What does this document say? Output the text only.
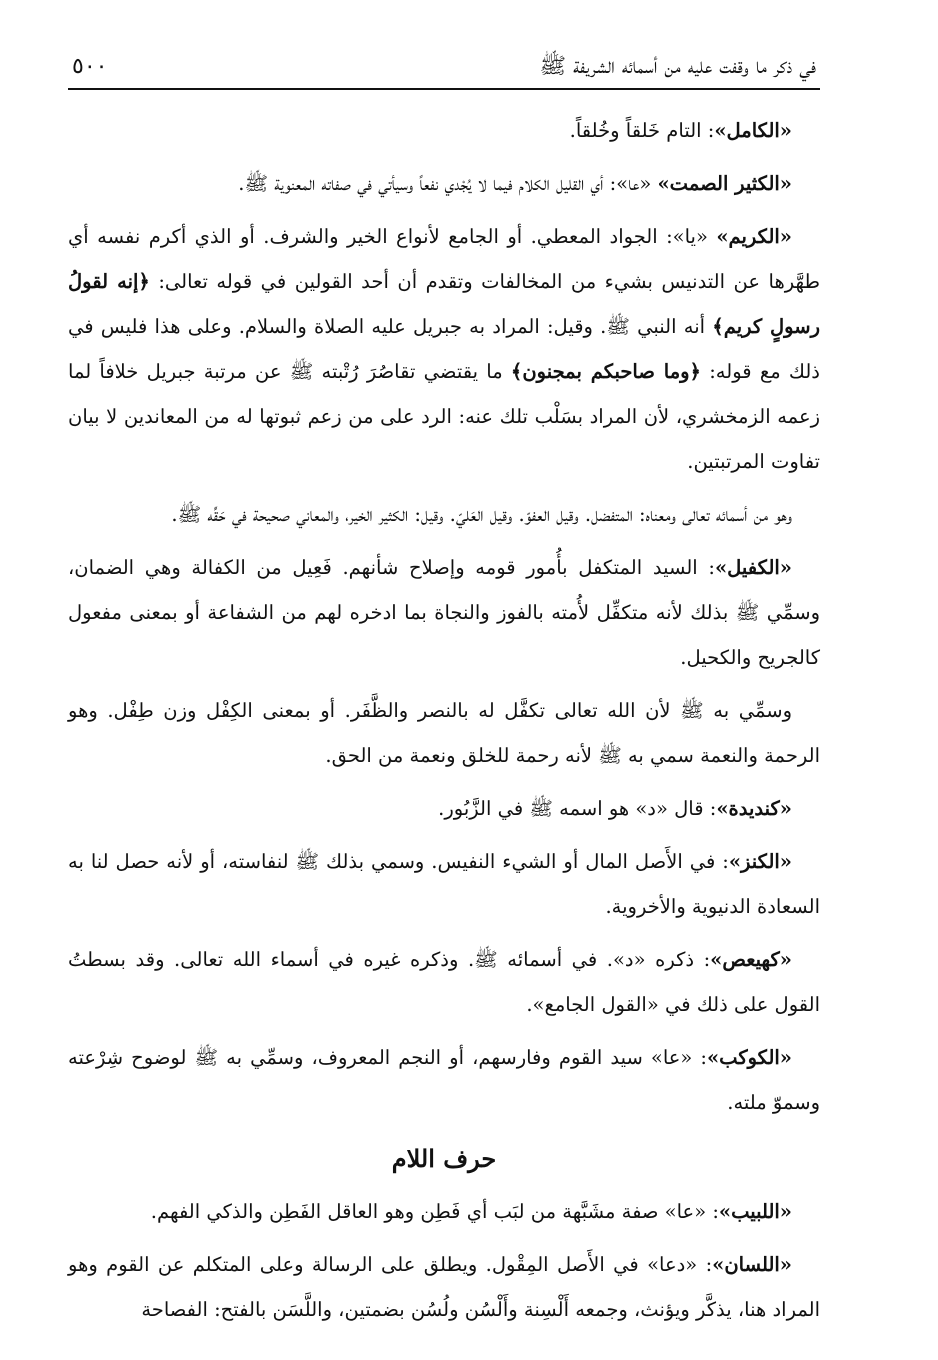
٥٠٠	في ذكر ما وقفت عليه من أسمائه الشريفة ﷺ

«الكامل»: التام خَلقاً وخُلقاً.

«الكثير الصمت» «عا»: أي القليل الكلام فيما لا يُجْدي نفعاً وسيأتي في صفاته المعنوية ﷺ.

«الكريم» «يا»: الجواد المعطي. أو الجامع لأنواع الخير والشرف. أو الذي أكرم نفسه أي طهَّرها عن التدنيس بشيء من المخالفات وتقدم أن أحد القولين في قوله تعالى: ﴿إنه لقولُ رسولٍ كريم﴾ أنه النبي ﷺ. وقيل: المراد به جبريل عليه الصلاة والسلام. وعلى هذا فليس في ذلك مع قوله: ﴿وما صاحبكم بمجنون﴾ ما يقتضي تقاصُرَ رُتْبته ﷺ عن مرتبة جبريل خلافاً لما زعمه الزمخشري، لأن المراد بسَلْب تلك عنه: الرد على من زعم ثبوتها له من المعاندين لا بيان تفاوت المرتبتين.

وهو من أسمائه تعالى ومعناه: المتفضل. وقيل العفوّ. وقيل العَليّ. وقيل: الكثير الخير، والمعاني صحيحة في حَقِّه ﷺ.

«الكفيل»: السيد المتكفل بأُمور قومه وإصلاح شأنهم. فَعِيل من الكفالة وهي الضمان، وسمِّي ﷺ بذلك لأنه متكفِّل لأُمته بالفوز والنجاة بما ادخره لهم من الشفاعة أو بمعنى مفعول كالجريح والكحيل.

وسمِّي به ﷺ لأن الله تعالى تكفَّل له بالنصر والظَّفَر. أو بمعنى الكِفْل وزن طِفْل. وهو الرحمة والنعمة سمي به ﷺ لأنه رحمة للخلق ونعمة من الحق.

«كنديدة»: قال «د» هو اسمه ﷺ في الزَّبُور.

«الكنز»: في الأَصل المال أو الشيء النفيس. وسمي بذلك ﷺ لنفاسته، أو لأنه حصل لنا به السعادة الدنيوية والأخروية.

«كهيعص»: ذكره «د». في أسمائه ﷺ. وذكره غيره في أسماء الله تعالى. وقد بسطتُ القول على ذلك في «القول الجامع».

«الكوكب»: «عا» سيد القوم وفارسهم، أو النجم المعروف، وسمِّي به ﷺ لوضوح شِرْعته وسموّ ملته.

حرف اللام

«اللبيب»: «عا» صفة مشَبَّهة من لبَب أي فَطِن وهو العاقل الفَطِن والذكي الفهم.

«اللسان»: «دعا» في الأَصل المِقْول. ويطلق على الرسالة وعلى المتكلم عن القوم وهو المراد هنا، يذكَّر ويؤنث، وجمعه أَلْسِنة وأَلْسُن ولُسُن بضمتين، واللَّسَن بالفتح: الفصاحة
